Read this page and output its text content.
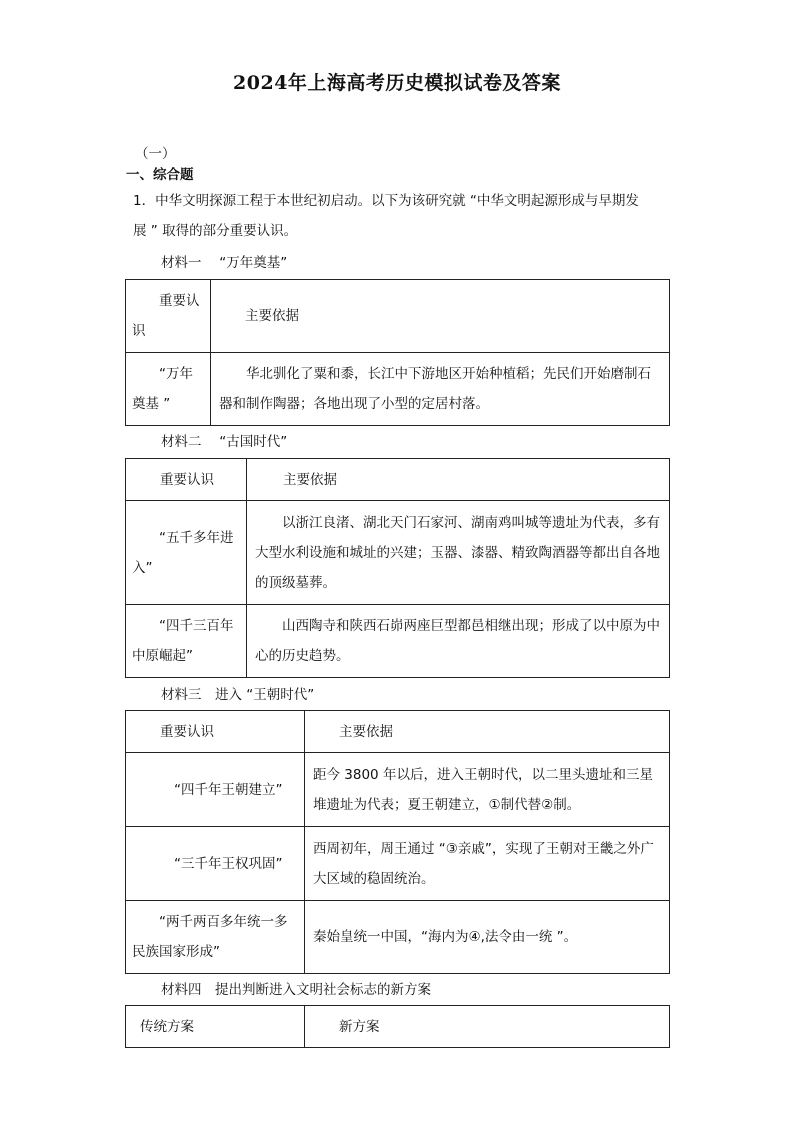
2024年上海高考历史模拟试卷及答案
（一）
一、综合题
1．中华文明探源工程于本世纪初启动。以下为该研究就 “中华文明起源形成与早期发
展 ” 取得的部分重要认识。
材料一　 “万年奠基”
重要认识	主要依据

“万年奠基 ”	华北驯化了粟和黍，长江中下游地区开始种植稻；先民们开始磨制石器和制作陶器；各地出现了小型的定居村落。
材料二　 “古国时代”
重要认识	主要依据

“五千多年进入”	以浙江良渚、湖北天门石家河、湖南鸡叫城等遗址为代表，多有大型水利设施和城址的兴建；玉器、漆器、精致陶酒器等都出自各地的顶级墓葬。

“四千三百年中原崛起”	山西陶寺和陕西石峁两座巨型都邑相继出现；形成了以中原为中心的历史趋势。
材料三　进入 “王朝时代”
重要认识	主要依据

“四千年王朝建立”	距今 3800 年以后，进入王朝时代，以二里头遗址和三星堆遗址为代表；夏王朝建立，①制代替②制。

“三千年王权巩固”	西周初年，周王通过 “③亲戚”，实现了王朝对王畿之外广大区域的稳固统治。

“两千两百多年统一多民族国家形成”	秦始皇统一中国，“海内为④,法令由一统 ”。
材料四　提出判断进入文明社会标志的新方案
传统方案	新方案
